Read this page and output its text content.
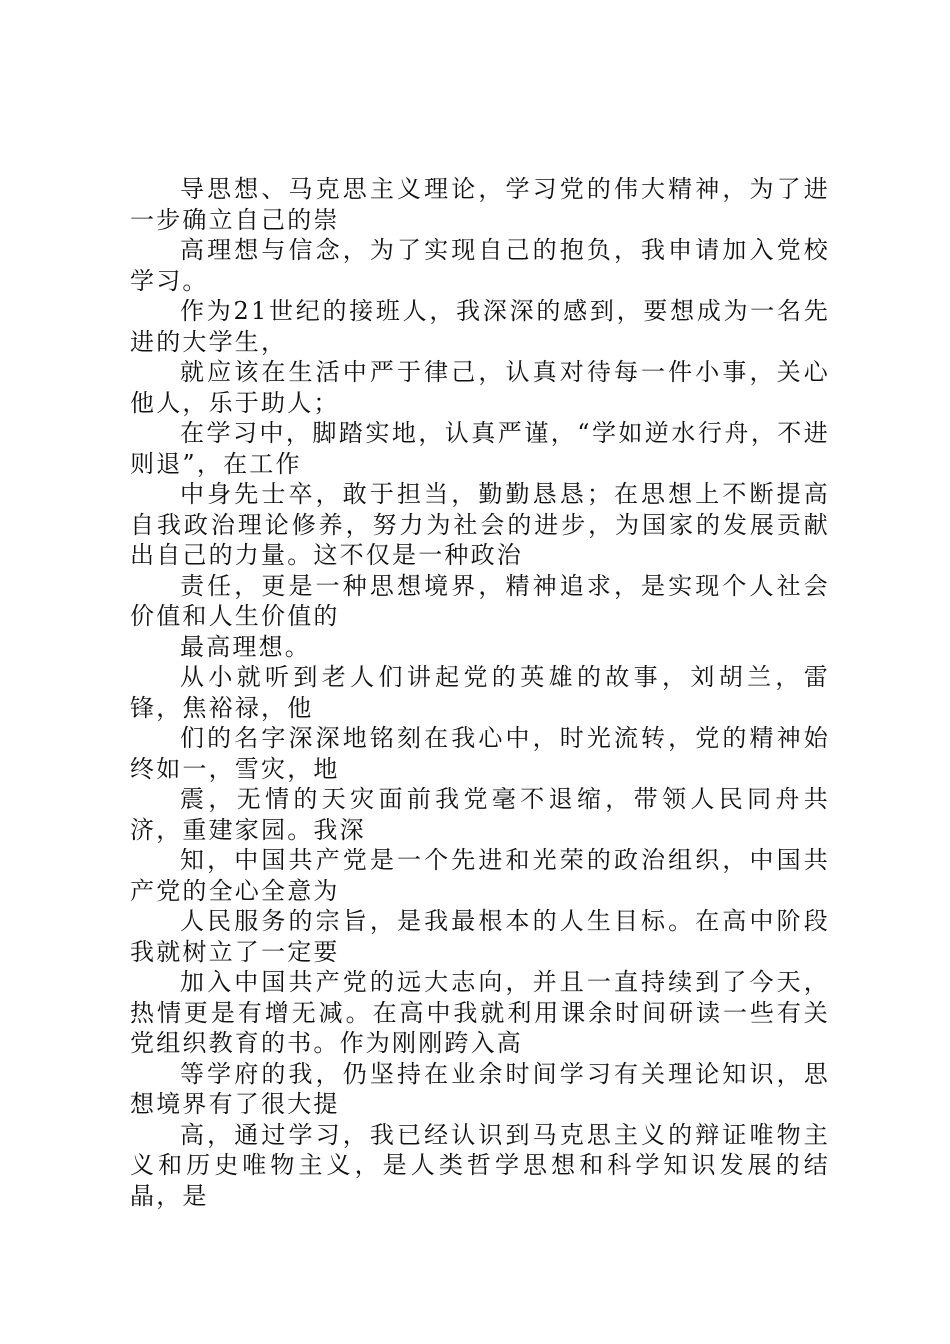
导思想、马克思主义理论，学习党的伟大精神，为了进一步确立自己的崇

高理想与信念，为了实现自己的抱负，我申请加入党校学习。

作为21世纪的接班人，我深深的感到，要想成为一名先进的大学生，

就应该在生活中严于律己，认真对待每一件小事，关心他人，乐于助人；

在学习中，脚踏实地，认真严谨，“学如逆水行舟，不进则退”，在工作

中身先士卒，敢于担当，勤勤恳恳；在思想上不断提高自我政治理论修养，努力为社会的进步，为国家的发展贡献出自己的力量。这不仅是一种政治

责任，更是一种思想境界，精神追求，是实现个人社会价值和人生价值的

最高理想。

从小就听到老人们讲起党的英雄的故事，刘胡兰，雷锋，焦裕禄，他

们的名字深深地铭刻在我心中，时光流转，党的精神始终如一，雪灾，地

震，无情的天灾面前我党毫不退缩，带领人民同舟共济，重建家园。我深

知，中国共产党是一个先进和光荣的政治组织，中国共产党的全心全意为

人民服务的宗旨，是我最根本的人生目标。在高中阶段我就树立了一定要

加入中国共产党的远大志向，并且一直持续到了今天，热情更是有增无减。在高中我就利用课余时间研读一些有关党组织教育的书。作为刚刚跨入高

等学府的我，仍坚持在业余时间学习有关理论知识，思想境界有了很大提

高，通过学习，我已经认识到马克思主义的辩证唯物主义和历史唯物主义，是人类哲学思想和科学知识发展的结晶，是
